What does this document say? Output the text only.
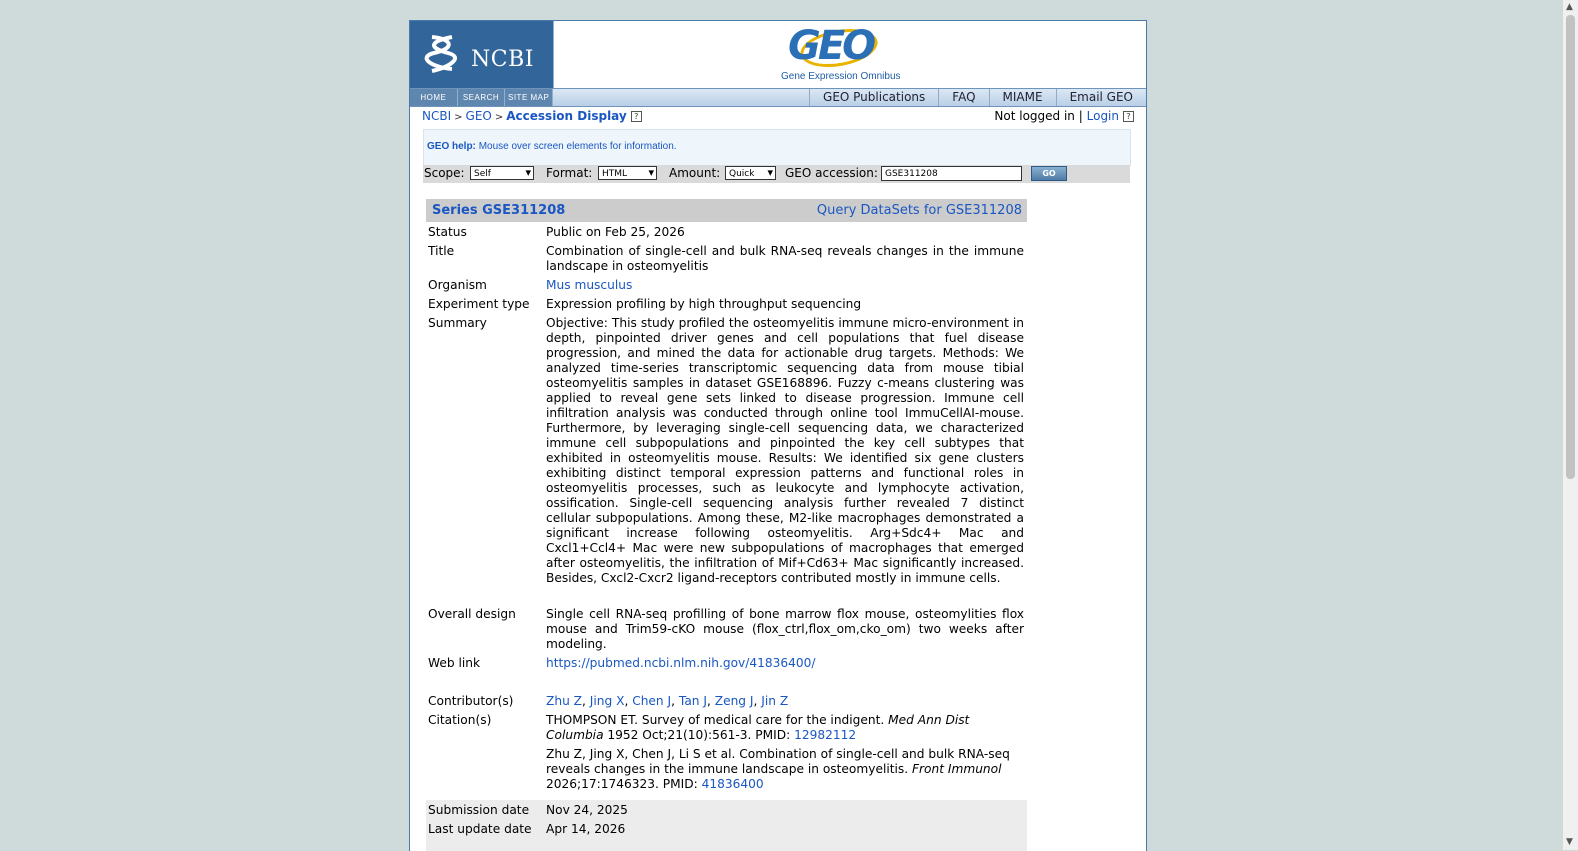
NCBI	GEO
Gene Expression Omnibus
HOME	SEARCH	SITE MAP	GEO Publications	FAQ	MIAME	Email GEO
NCBI > GEO > Accession Display ?	Not logged in | Login ?
GEO help: Mouse over screen elements for information.
Scope:	Self ▾	Format:	HTML ▾	Amount: Quick ▾	GEO accession: GSE311208	GO
Series GSE311208	Query DataSets for GSE311208
Status	Public on Feb 25, 2026
Title	Combination of single-cell and bulk RNA-seq reveals changes in the immune landscape in osteomyelitis
Organism	Mus musculus
Experiment type	Expression profiling by high throughput sequencing
Summary	Objective: This study profiled the osteomyelitis immune micro-environment in depth, pinpointed driver genes and cell populations that fuel disease progression, and mined the data for actionable drug targets. Methods: We analyzed time-series transcriptomic sequencing data from mouse tibial osteomyelitis samples in dataset GSE168896. Fuzzy c-means clustering was applied to reveal gene sets linked to disease progression. Immune cell infiltration analysis was conducted through online tool ImmuCellAI-mouse. Furthermore, by leveraging single-cell sequencing data, we characterized immune cell subpopulations and pinpointed the key cell subtypes that exhibited in osteomyelitis mouse. Results: We identified six gene clusters exhibiting distinct temporal expression patterns and functional roles in osteomyelitis processes, such as leukocyte and lymphocyte activation, ossification. Single-cell sequencing analysis further revealed 7 distinct cellular subpopulations. Among these, M2-like macrophages demonstrated a significant increase following osteomyelitis. Arg+Sdc4+ Mac and Cxcl1+Ccl4+ Mac were new subpopulations of macrophages that emerged after osteomyelitis, the infiltration of Mif+Cd63+ Mac significantly increased. Besides, Cxcl2-Cxcr2 ligand-receptors contributed mostly in immune cells.
Overall design	Single cell RNA-seq profilling of bone marrow flox mouse, osteomylities flox mouse and Trim59-cKO mouse (flox_ctrl,flox_om,cko_om) two weeks after modeling.
Web link	https://pubmed.ncbi.nlm.nih.gov/41836400/
Contributor(s)	Zhu Z, Jing X, Chen J, Tan J, Zeng J, Jin Z
Citation(s)	THOMPSON ET. Survey of medical care for the indigent. Med Ann Dist Columbia 1952 Oct;21(10):561-3. PMID: 12982112
Zhu Z, Jing X, Chen J, Li S et al. Combination of single-cell and bulk RNA-seq reveals changes in the immune landscape in osteomyelitis. Front Immunol 2026;17:1746323. PMID: 41836400
Submission date	Nov 24, 2025
Last update date	Apr 14, 2026
▲
▼
